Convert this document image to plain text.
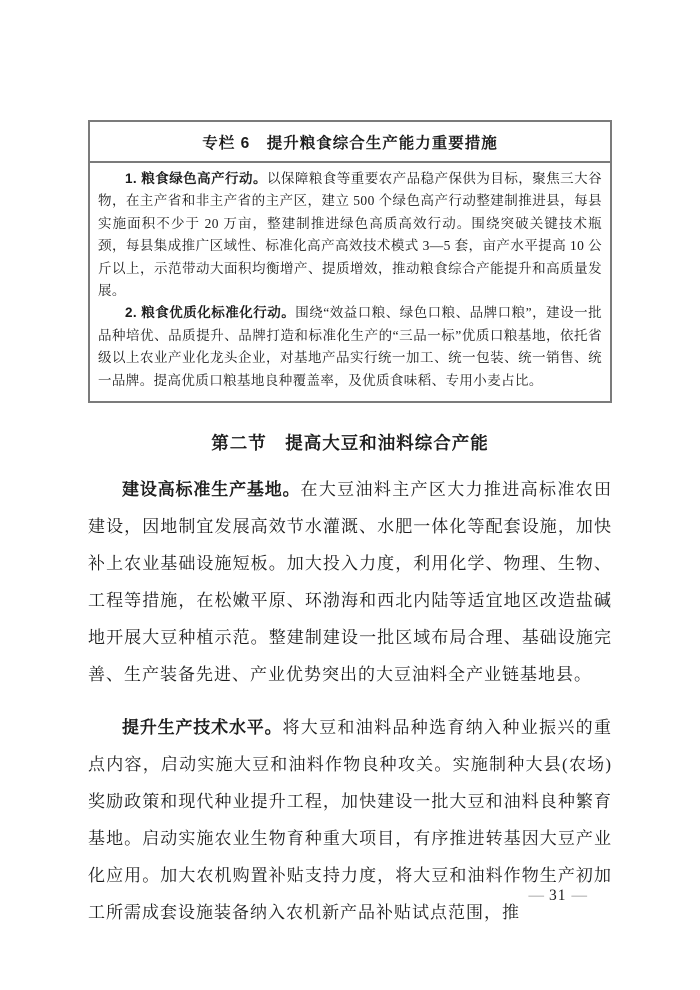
专栏 6　提升粮食综合生产能力重要措施

1. 粮食绿色高产行动。以保障粮食等重要农产品稳产保供为目标，聚焦三大谷物，在主产省和非主产省的主产区，建立 500 个绿色高产行动整建制推进县，每县实施面积不少于 20 万亩，整建制推进绿色高质高效行动。围绕突破关键技术瓶颈，每县集成推广区域性、标准化高产高效技术模式 3—5 套，亩产水平提高 10 公斤以上，示范带动大面积均衡增产、提质增效，推动粮食综合产能提升和高质量发展。

2. 粮食优质化标准化行动。围绕“效益口粮、绿色口粮、品牌口粮”，建设一批品种培优、品质提升、品牌打造和标准化生产的“三品一标”优质口粮基地，依托省级以上农业产业化龙头企业，对基地产品实行统一加工、统一包装、统一销售、统一品牌。提高优质口粮基地良种覆盖率，及优质食味稻、专用小麦占比。

第二节　提高大豆和油料综合产能

建设高标准生产基地。在大豆油料主产区大力推进高标准农田建设，因地制宜发展高效节水灌溉、水肥一体化等配套设施，加快补上农业基础设施短板。加大投入力度，利用化学、物理、生物、工程等措施，在松嫩平原、环渤海和西北内陆等适宜地区改造盐碱地开展大豆种植示范。整建制建设一批区域布局合理、基础设施完善、生产装备先进、产业优势突出的大豆油料全产业链基地县。

提升生产技术水平。将大豆和油料品种选育纳入种业振兴的重点内容，启动实施大豆和油料作物良种攻关。实施制种大县(农场)奖励政策和现代种业提升工程，加快建设一批大豆和油料良种繁育基地。启动实施农业生物育种重大项目，有序推进转基因大豆产业化应用。加大农机购置补贴支持力度，将大豆和油料作物生产初加工所需成套设施装备纳入农机新产品补贴试点范围，推

— 31 —
